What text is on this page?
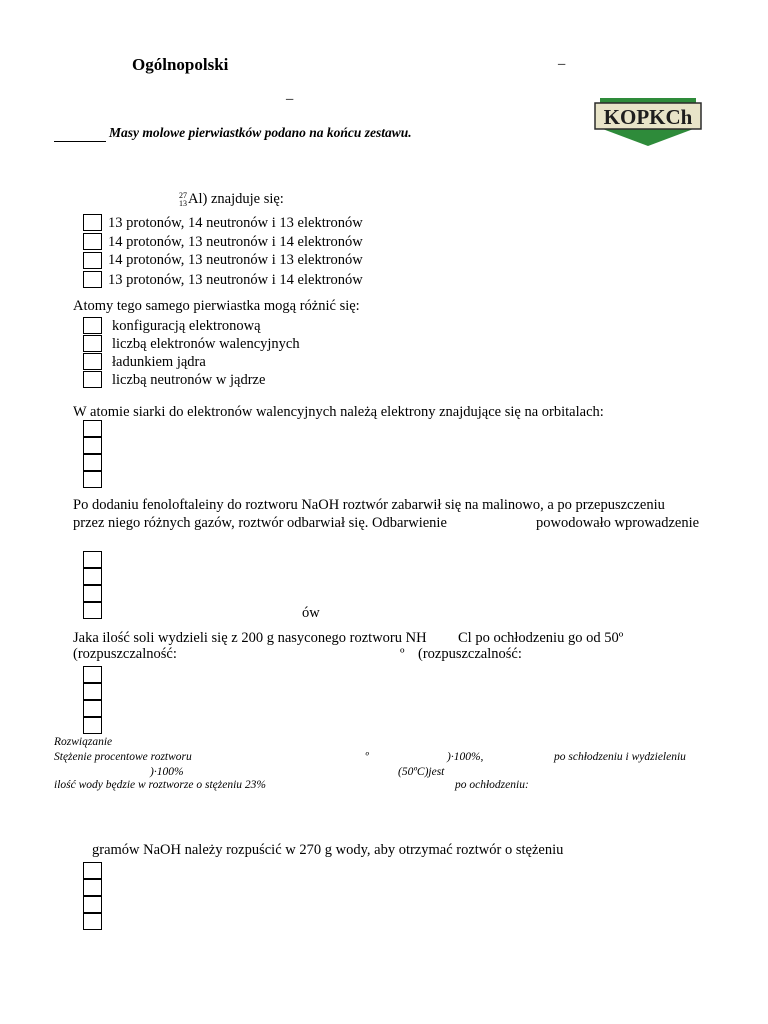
Ogólnopolski	–
–
Masy molowe pierwiastków podano na końcu zestawu.
KOPKCh
27
13 Al) znajduje się:
13 protonów, 14 neutronów i 13 elektronów
14 protonów, 13 neutronów i 14 elektronów
14 protonów, 13 neutronów i 13 elektronów
13 protonów, 13 neutronów i 14 elektronów
Atomy tego samego pierwiastka mogą różnić się:
konfiguracją elektronową
liczbą elektronów walencyjnych
ładunkiem jądra
liczbą neutronów w jądrze
W atomie siarki do elektronów walencyjnych należą elektrony znajdujące się na orbitalach:
Po dodaniu fenoloftaleiny do roztworu NaOH roztwór zabarwił się na malinowo, a po przepuszczeniu
przez niego różnych gazów, roztwór odbarwiał się. Odbarwienie	powodowało wprowadzenie
ów
Jaka ilość soli wydzieli się z 200 g nasyconego roztworu NH Cl po ochłodzeniu go od 50º
(rozpuszczalność:	º (rozpuszczalność:
Rozwiązanie
Stężenie procentowe roztworu	º	)·100%,	po schłodzeniu i wydzieleniu
)·100%	(50ºC)jest
ilość wody będzie w roztworze o stężeniu 23%	po ochłodzeniu:
gramów NaOH należy rozpuścić w 270 g wody, aby otrzymać roztwór o stężeniu
